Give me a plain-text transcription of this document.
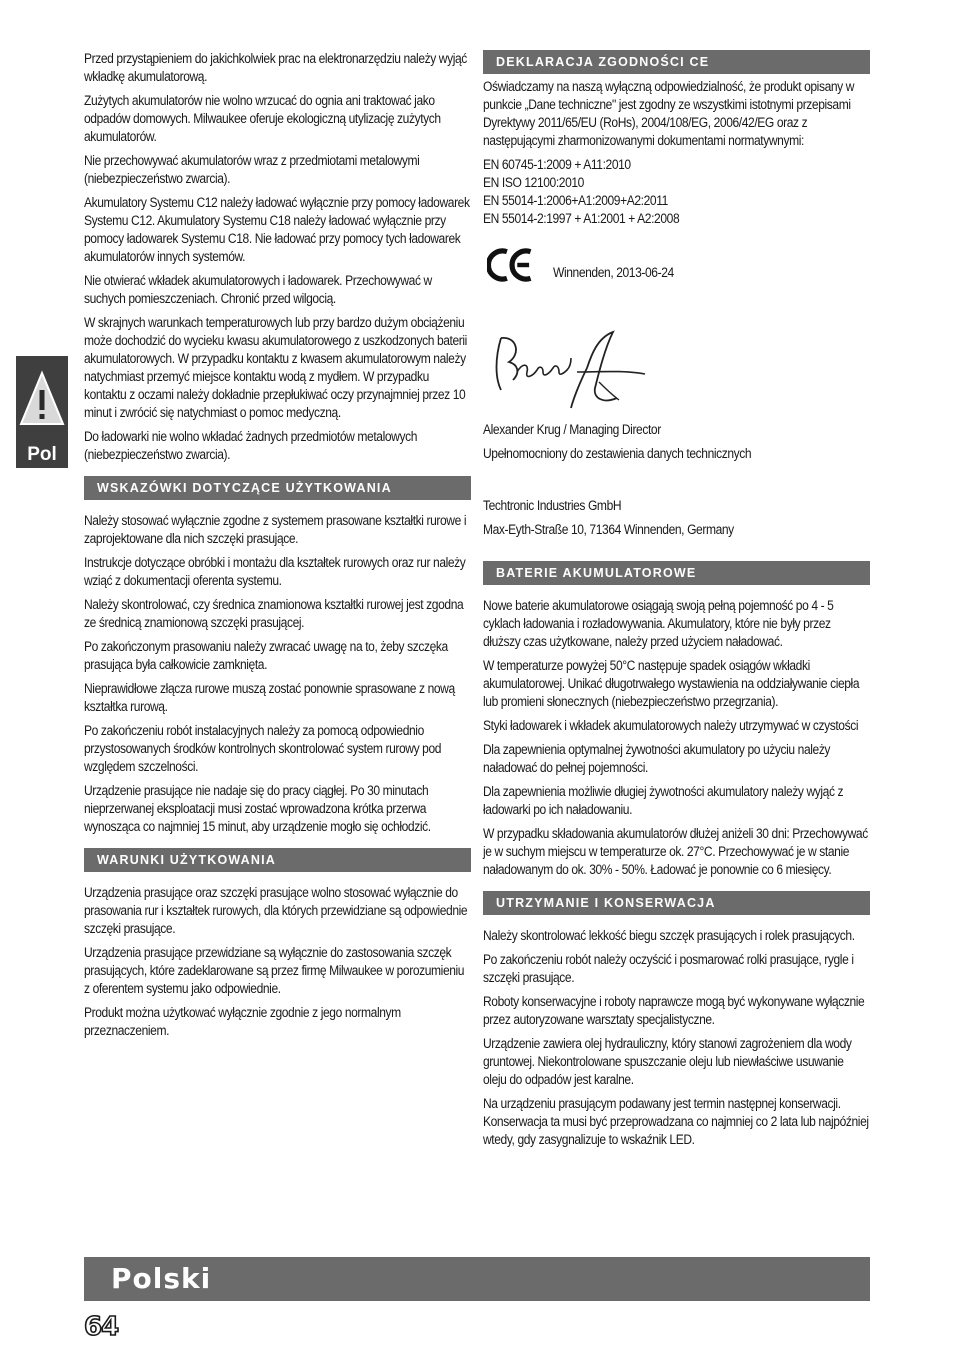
Pol

Przed przystąpieniem do jakichkolwiek prac na elektronarzędziu należy wyjąć wkładkę akumulatorową.

Zużytych akumulatorów nie wolno wrzucać do ognia ani traktować jako odpadów domowych. Milwaukee oferuje ekologiczną utylizację zużytych akumulatorów.

Nie przechowywać akumulatorów wraz z przedmiotami metalowymi (niebezpieczeństwo zwarcia).

Akumulatory Systemu C12 należy ładować wyłącznie przy pomocy ładowarek Systemu C12. Akumulatory Systemu C18 należy ładować wyłącznie przy pomocy ładowarek Systemu C18. Nie ładować przy pomocy tych ładowarek akumulatorów innych systemów.

Nie otwierać wkładek akumulatorowych i ładowarek. Przechowywać w suchych pomieszczeniach. Chronić przed wilgocią.

W skrajnych warunkach temperaturowych lub przy bardzo dużym obciążeniu może dochodzić do wycieku kwasu akumulatorowego z uszkodzonych baterii akumulatorowych. W przypadku kontaktu z kwasem akumulatorowym należy natychmiast przemyć miejsce kontaktu wodą z mydłem. W przypadku kontaktu z oczami należy dokładnie przepłukiwać oczy przynajmniej przez 10 minut i zwrócić się natychmiast o pomoc medyczną.

Do ładowarki nie wolno wkładać żadnych przedmiotów metalowych (niebezpieczeństwo zwarcia).

WSKAZÓWKI DOTYCZĄCE UŻYTKOWANIA

Należy stosować wyłącznie zgodne z systemem prasowane kształtki rurowe i zaprojektowane dla nich szczęki prasujące.

Instrukcje dotyczące obróbki i montażu dla kształtek rurowych oraz rur należy wziąć z dokumentacji oferenta systemu.

Należy skontrolować, czy średnica znamionowa kształtki rurowej jest zgodna ze średnicą znamionową szczęki prasującej.

Po zakończonym prasowaniu należy zwracać uwagę na to, żeby szczęka prasująca była całkowicie zamknięta.

Nieprawidłowe złącza rurowe muszą zostać ponownie sprasowane z nową kształtka rurową.

Po zakończeniu robót instalacyjnych należy za pomocą odpowiednio przystosowanych środków kontrolnych skontrolować system rurowy pod względem szczelności.

Urządzenie prasujące nie nadaje się do pracy ciągłej. Po 30 minutach nieprzerwanej eksploatacji musi zostać wprowadzona krótka przerwa wynosząca co najmniej 15 minut, aby urządzenie mogło się ochłodzić.

WARUNKI UŻYTKOWANIA

Urządzenia prasujące oraz szczęki prasujące wolno stosować wyłącznie do prasowania rur i kształtek rurowych, dla których przewidziane są odpowiednie szczęki prasujące.

Urządzenia prasujące przewidziane są wyłącznie do zastosowania szczęk prasujących, które zadeklarowane są przez firmę Milwaukee w porozumieniu z oferentem systemu jako odpowiednie.

Produkt można użytkować wyłącznie zgodnie z jego normalnym przeznaczeniem.

DEKLARACJA ZGODNOŚCI CE

Oświadczamy na naszą wyłączną odpowiedzialność, że produkt opisany w punkcie „Dane techniczne" jest zgodny ze wszystkimi istotnymi przepisami Dyrektywy 2011/65/EU (RoHs), 2004/108/EG, 2006/42/EG oraz z następującymi zharmonizowanymi dokumentami normatywnymi:

EN 60745-1:2009 + A11:2010

EN ISO 12100:2010

EN 55014-1:2006+A1:2009+A2:2011

EN 55014-2:1997 + A1:2001 + A2:2008

Winnenden, 2013-06-24

Alexander Krug / Managing Director

Upełnomocniony do zestawienia danych technicznych

Techtronic Industries GmbH

Max-Eyth-Straße 10, 71364 Winnenden, Germany

BATERIE AKUMULATOROWE

Nowe baterie akumulatorowe osiągają swoją pełną pojemność po 4 - 5 cyklach ładowania i rozładowywania. Akumulatory, które nie były przez dłuższy czas użytkowane, należy przed użyciem naładować.

W temperaturze powyżej 50°C następuje spadek osiągów wkładki akumulatorowej. Unikać długotrwałego wystawienia na oddziaływanie ciepła lub promieni słonecznych (niebezpieczeństwo przegrzania).

Styki ładowarek i wkładek akumulatorowych należy utrzymywać w czystości

Dla zapewnienia optymalnej żywotności akumulatory po użyciu należy naładować do pełnej pojemności.

Dla zapewnienia możliwie długiej żywotności akumulatory należy wyjąć z ładowarki po ich naładowaniu.

W przypadku składowania akumulatorów dłużej aniżeli 30 dni: Przechowywać je w suchym miejscu w temperaturze ok. 27°C. Przechowywać je w stanie naładowanym do ok. 30% - 50%. Ładować je ponownie co 6 miesięcy.

UTRZYMANIE I KONSERWACJA

Należy skontrolować lekkość biegu szczęk prasujących i rolek prasujących.

Po zakończeniu robót należy oczyścić i posmarować rolki prasujące, rygle i szczęki prasujące.

Roboty konserwacyjne i roboty naprawcze mogą być wykonywane wyłącznie przez autoryzowane warsztaty specjalistyczne.

Urządzenie zawiera olej hydrauliczny, który stanowi zagrożeniem dla wody gruntowej. Niekontrolowane spuszczanie oleju lub niewłaściwe usuwanie oleju do odpadów jest karalne.

Na urządzeniu prasującym podawany jest termin następnej konserwacji. Konserwacja ta musi być przeprowadzana co najmniej co 2 lata lub najpóźniej wtedy, gdy zasygnalizuje to wskaźnik LED.

Polski
64
